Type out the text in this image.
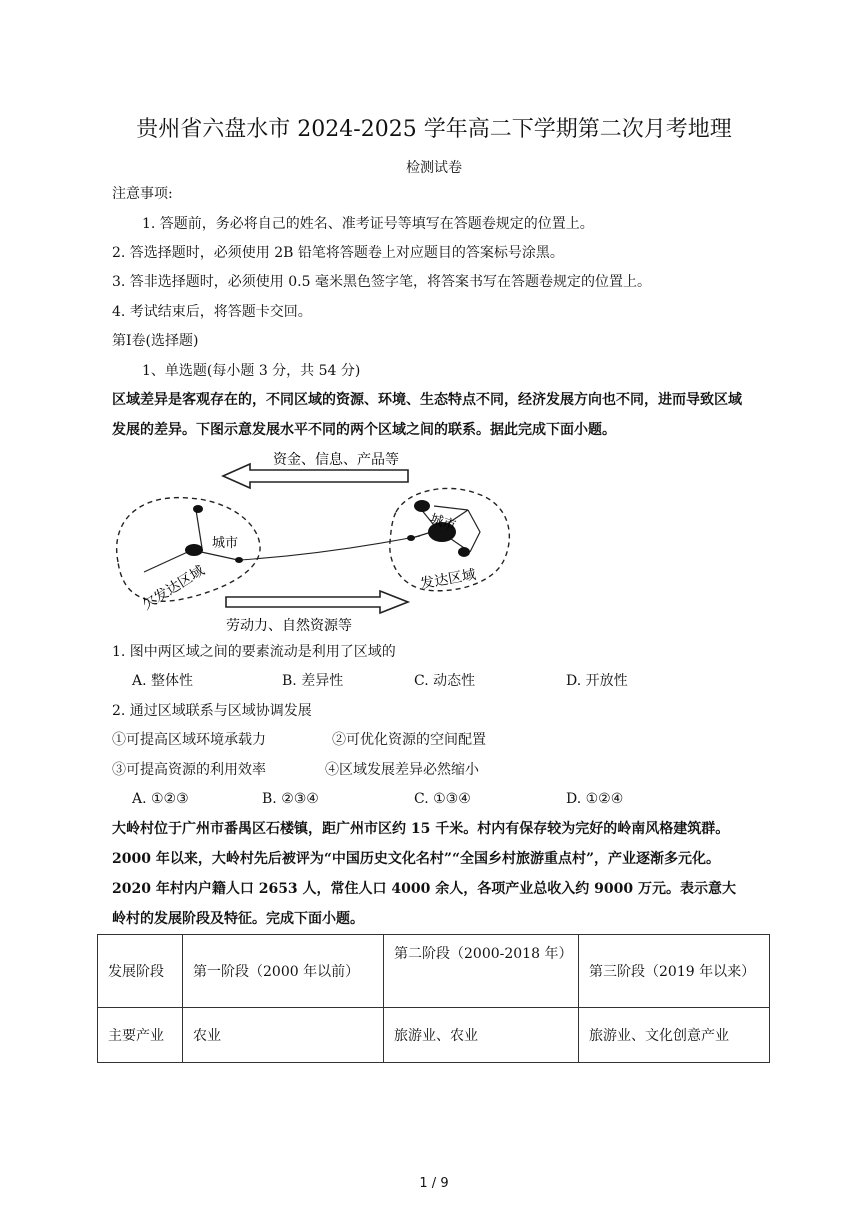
贵州省六盘水市 2024-2025 学年高二下学期第二次月考地理
检测试卷
注意事项:
1. 答题前，务必将自己的姓名、准考证号等填写在答题卷规定的位置上。
2. 答选择题时，必须使用 2B 铅笔将答题卷上对应题目的答案标号涂黑。
3. 答非选择题时，必须使用 0.5 毫米黑色签字笔，将答案书写在答题卷规定的位置上。
4. 考试结束后，将答题卡交回。
第Ⅰ卷(选择题)
1、单选题(每小题 3 分，共 54 分)
区域差异是客观存在的，不同区域的资源、环境、生态特点不同，经济发展方向也不同，进而导致区域发展的差异。下图示意发展水平不同的两个区域之间的联系。据此完成下面小题。
资金、信息、产品等
劳动力、自然资源等
城市
欠发达区域
城市
发达区域
1. 图中两区域之间的要素流动是利用了区域的
A. 整体性	B. 差异性	C. 动态性	D. 开放性
2. 通过区域联系与区域协调发展
①可提高区域环境承载力	②可优化资源的空间配置
③可提高资源的利用效率	④区域发展差异必然缩小
A. ①②③	B. ②③④	C. ①③④	D. ①②④
大岭村位于广州市番禺区石楼镇，距广州市区约 15 千米。村内有保存较为完好的岭南风格建筑群。2000 年以来，大岭村先后被评为“中国历史文化名村”“全国乡村旅游重点村”，产业逐渐多元化。2020 年村内户籍人口 2653 人，常住人口 4000 余人，各项产业总收入约 9000 万元。表示意大岭村的发展阶段及特征。完成下面小题。
发展阶段	第一阶段（2000 年以前）	第二阶段（2000-2018 年）	第三阶段（2019 年以来）
主要产业	农业	旅游业、农业	旅游业、文化创意产业
1 / 9
